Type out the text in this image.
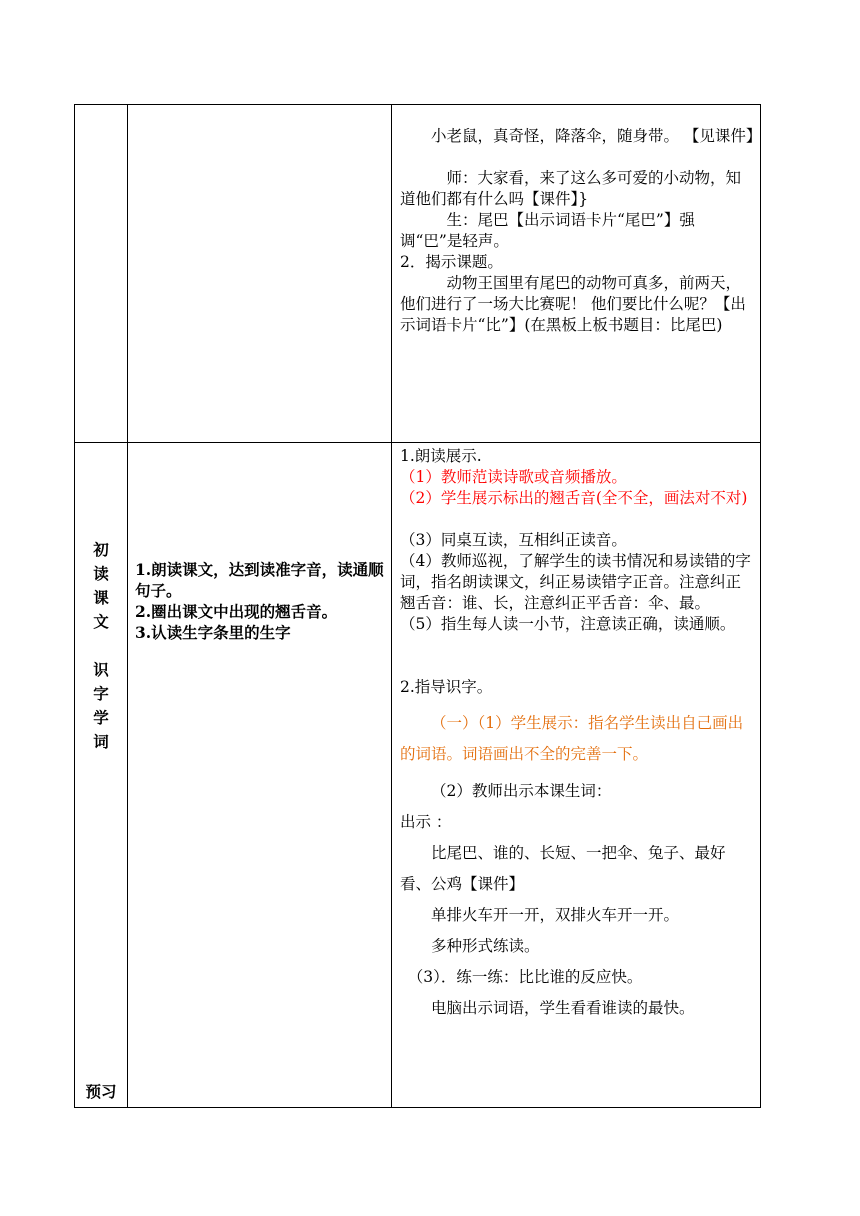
小老鼠，真奇怪，降落伞，随身带。 【见课件】

师：大家看，来了这么多可爱的小动物，知道他们都有什么吗【课件】}

生：尾巴【出示词语卡片“尾巴”】强调“巴”是轻声。

2．揭示课题。

动物王国里有尾巴的动物可真多，前两天，他们进行了一场大比赛呢！ 他们要比什么呢？【出示词语卡片“比”】(在黑板上板书题目：比尾巴)

初
读
课
文
识
字
学
词
预习

1.朗读课文，达到读准字音，读通顺句子。

2.圈出课文中出现的翘舌音。

3.认读生字条里的生字

1.朗读展示.

（1）教师范读诗歌或音频播放。

（2）学生展示标出的翘舌音(全不全，画法对不对)

（3）同桌互读，互相纠正读音。

（4）教师巡视，了解学生的读书情况和易读错的字词，指名朗读课文，纠正易读错字正音。注意纠正翘舌音：谁、长，注意纠正平舌音：伞、最。

（5）指生每人读一小节，注意读正确，读通顺。

2.指导识字。

（一）（1）学生展示：指名学生读出自己画出的词语。词语画出不全的完善一下。

（2）教师出示本课生词：

出示 ：

比尾巴、谁的、长短、一把伞、兔子、最好看、公鸡【课件】

单排火车开一开，双排火车开一开。

多种形式练读。

（3）．练一练：比比谁的反应快。

电脑出示词语，学生看看谁读的最快。
